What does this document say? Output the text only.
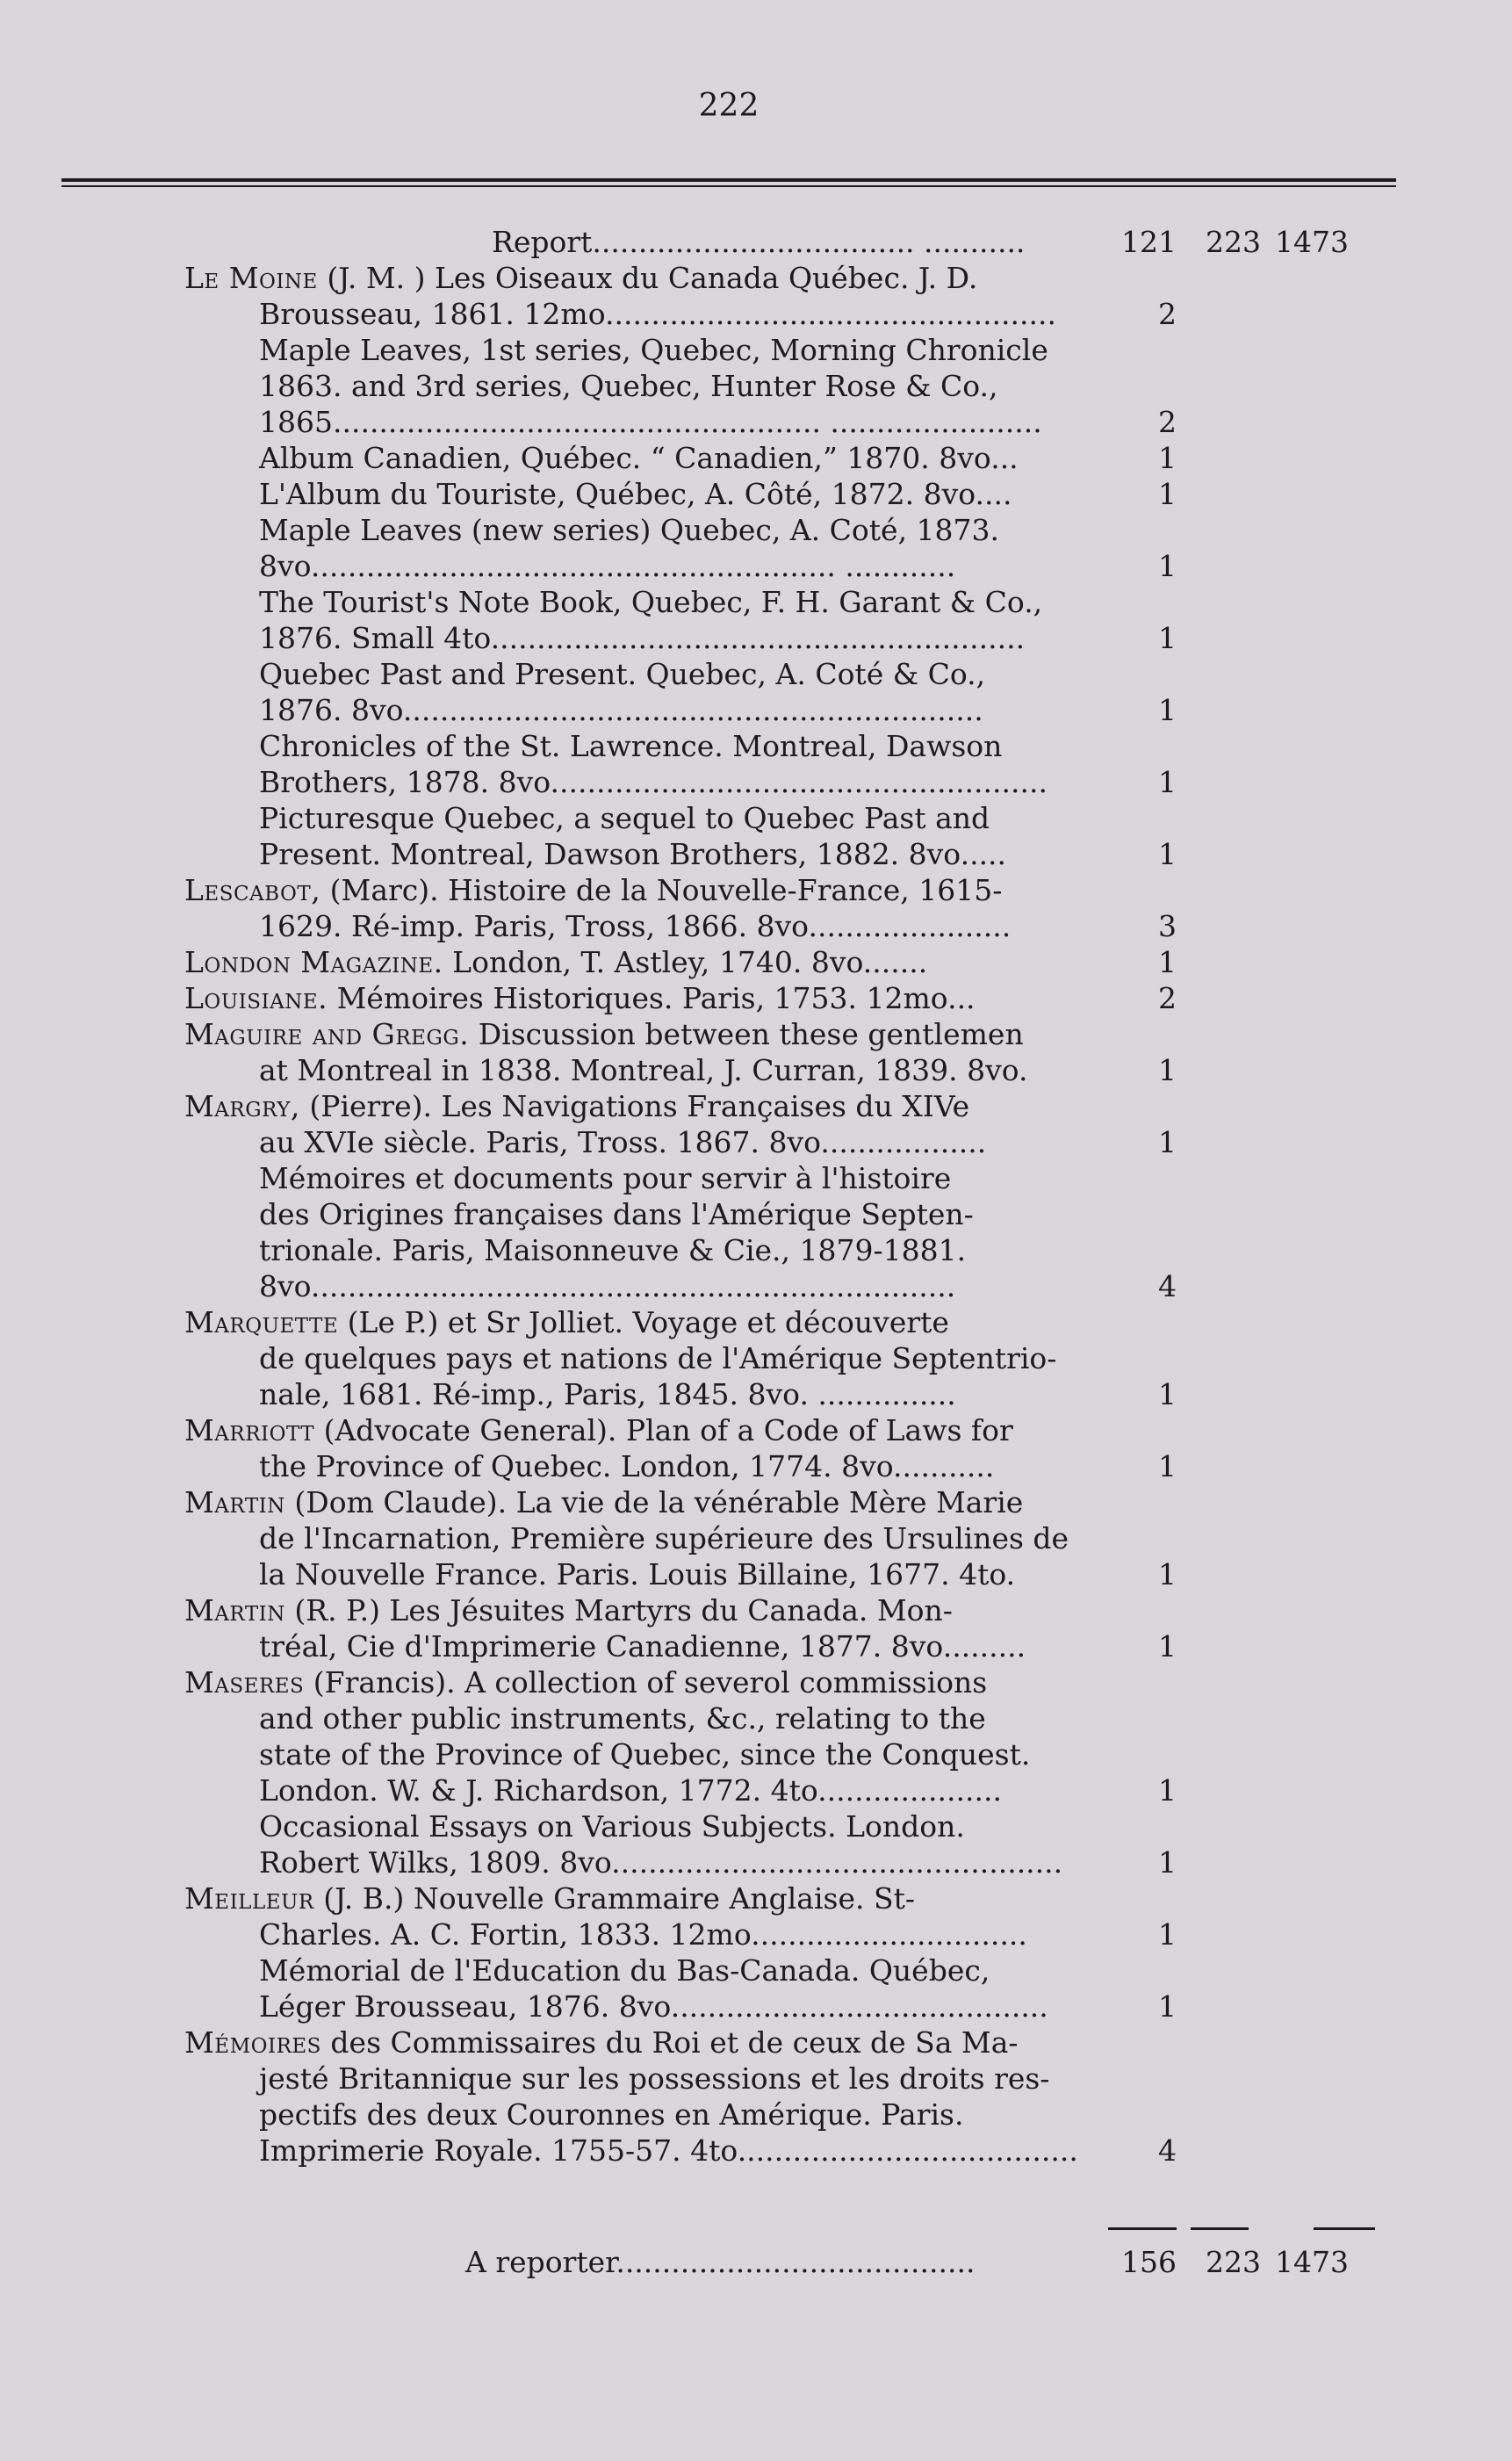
222
Report................................... ...........	121	223 1473
Le Moine (J. M. ) Les Oiseaux du Canada Québec. J. D.
Brousseau, 1861. 12mo.................................................	2
Maple Leaves, 1st series, Quebec, Morning Chronicle
1863. and 3rd series, Quebec, Hunter Rose & Co.,
1865..................................................... .......................	2
Album Canadien, Québec. “ Canadien,” 1870. 8vo...	1
L'Album du Touriste, Québec, A. Côté, 1872. 8vo....	1
Maple Leaves (new series) Quebec, A. Coté, 1873.
8vo......................................................... ............	1
The Tourist's Note Book, Quebec, F. H. Garant & Co.,
1876. Small 4to..........................................................	1
Quebec Past and Present. Quebec, A. Coté & Co.,
1876. 8vo...............................................................	1
Chronicles of the St. Lawrence. Montreal, Dawson
Brothers, 1878. 8vo......................................................	1
Picturesque Quebec, a sequel to Quebec Past and
Present. Montreal, Dawson Brothers, 1882. 8vo.....	1
Lescabot, (Marc). Histoire de la Nouvelle-France, 1615-
1629. Ré-imp. Paris, Tross, 1866. 8vo......................	3
London Magazine. London, T. Astley, 1740. 8vo.......	1
Louisiane. Mémoires Historiques. Paris, 1753. 12mo...	2
Maguire and Gregg. Discussion between these gentlemen
at Montreal in 1838. Montreal, J. Curran, 1839. 8vo.	1
Margry, (Pierre). Les Navigations Françaises du XIVe
au XVIe siècle. Paris, Tross. 1867. 8vo..................	1
Mémoires et documents pour servir à l'histoire
des Origines françaises dans l'Amérique Septen-
trionale. Paris, Maisonneuve & Cie., 1879-1881.
8vo......................................................................	4
Marquette (Le P.) et Sr Jolliet. Voyage et découverte
de quelques pays et nations de l'Amérique Septentrio-
nale, 1681. Ré-imp., Paris, 1845. 8vo. ...............	1
Marriott (Advocate General). Plan of a Code of Laws for
the Province of Quebec. London, 1774. 8vo...........	1
Martin (Dom Claude). La vie de la vénérable Mère Marie
de l'Incarnation, Première supérieure des Ursulines de
la Nouvelle France. Paris. Louis Billaine, 1677. 4to.	1
Martin (R. P.) Les Jésuites Martyrs du Canada. Mon-
tréal, Cie d'Imprimerie Canadienne, 1877. 8vo.........	1
Maseres (Francis). A collection of severol commissions
and other public instruments, &c., relating to the
state of the Province of Quebec, since the Conquest.
London. W. & J. Richardson, 1772. 4to....................	1
Occasional Essays on Various Subjects. London.
Robert Wilks, 1809. 8vo.................................................	1
Meilleur (J. B.) Nouvelle Grammaire Anglaise. St-
Charles. A. C. Fortin, 1833. 12mo..............................	1
Mémorial de l'Education du Bas-Canada. Québec,
Léger Brousseau, 1876. 8vo.........................................	1
Mémoires des Commissaires du Roi et de ceux de Sa Ma-
jesté Britannique sur les possessions et les droits res-
pectifs des deux Couronnes en Amérique. Paris.
Imprimerie Royale. 1755-57. 4to.....................................	4
A reporter.......................................	156	223 1473
